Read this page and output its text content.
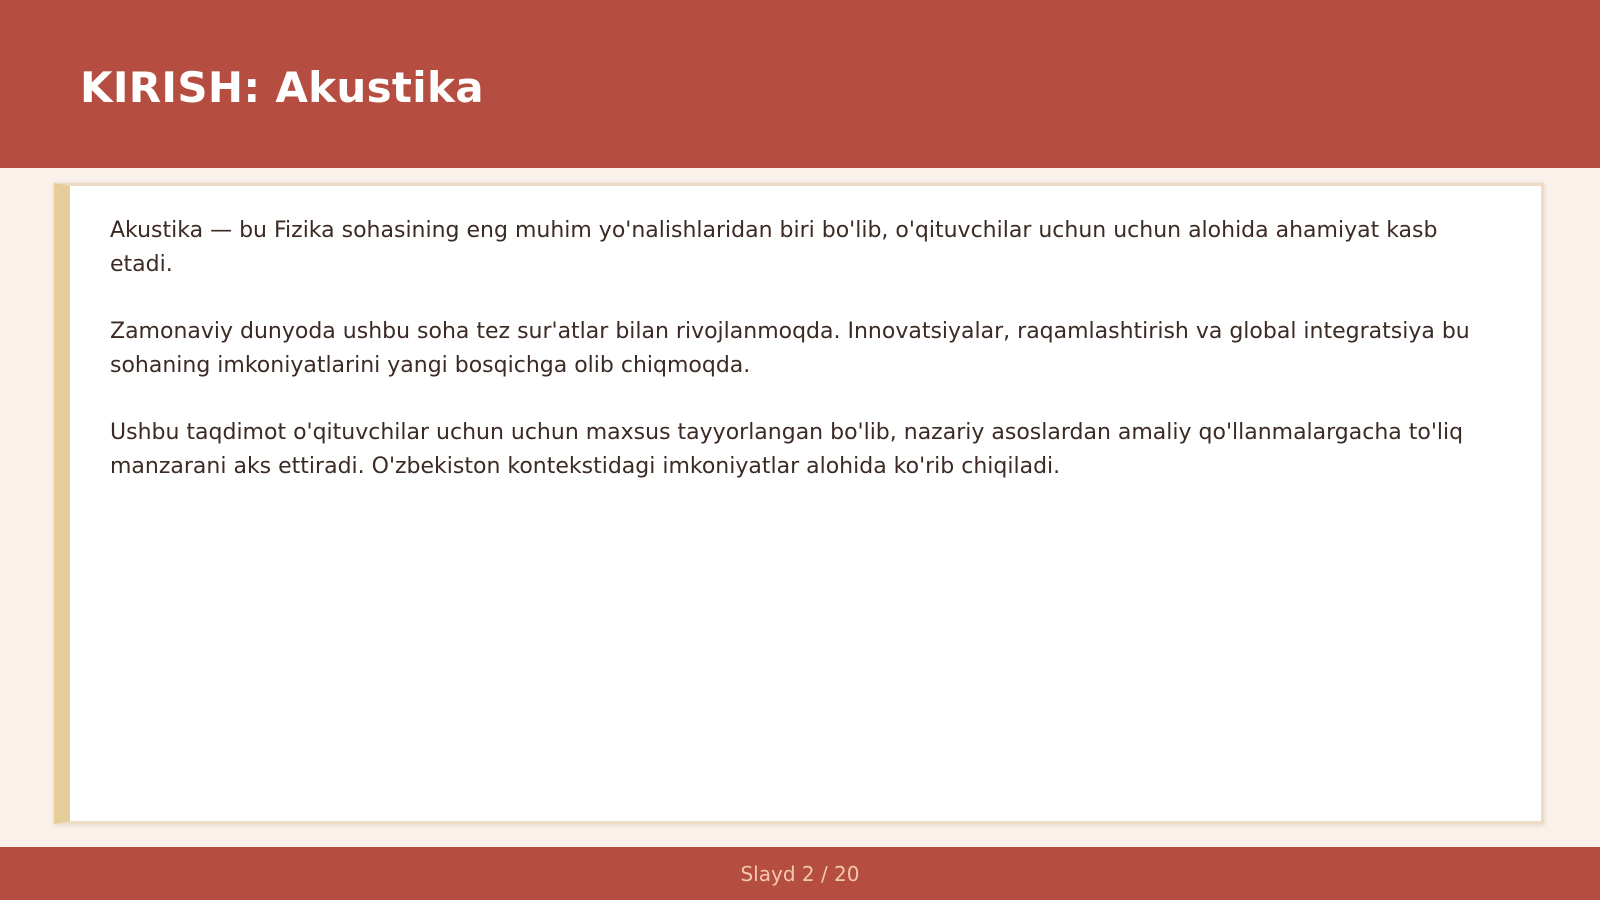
KIRISH: Akustika

Akustika — bu Fizika sohasining eng muhim yo'nalishlaridan biri bo'lib, o'qituvchilar uchun uchun alohida ahamiyat kasb etadi.

Zamonaviy dunyoda ushbu soha tez sur'atlar bilan rivojlanmoqda. Innovatsiyalar, raqamlashtirish va global integratsiya bu sohaning imkoniyatlarini yangi bosqichga olib chiqmoqda.

Ushbu taqdimot o'qituvchilar uchun uchun maxsus tayyorlangan bo'lib, nazariy asoslardan amaliy qo'llanmalargacha to'liq manzarani aks ettiradi. O'zbekiston kontekstidagi imkoniyatlar alohida ko'rib chiqiladi.

Slayd 2 / 20
